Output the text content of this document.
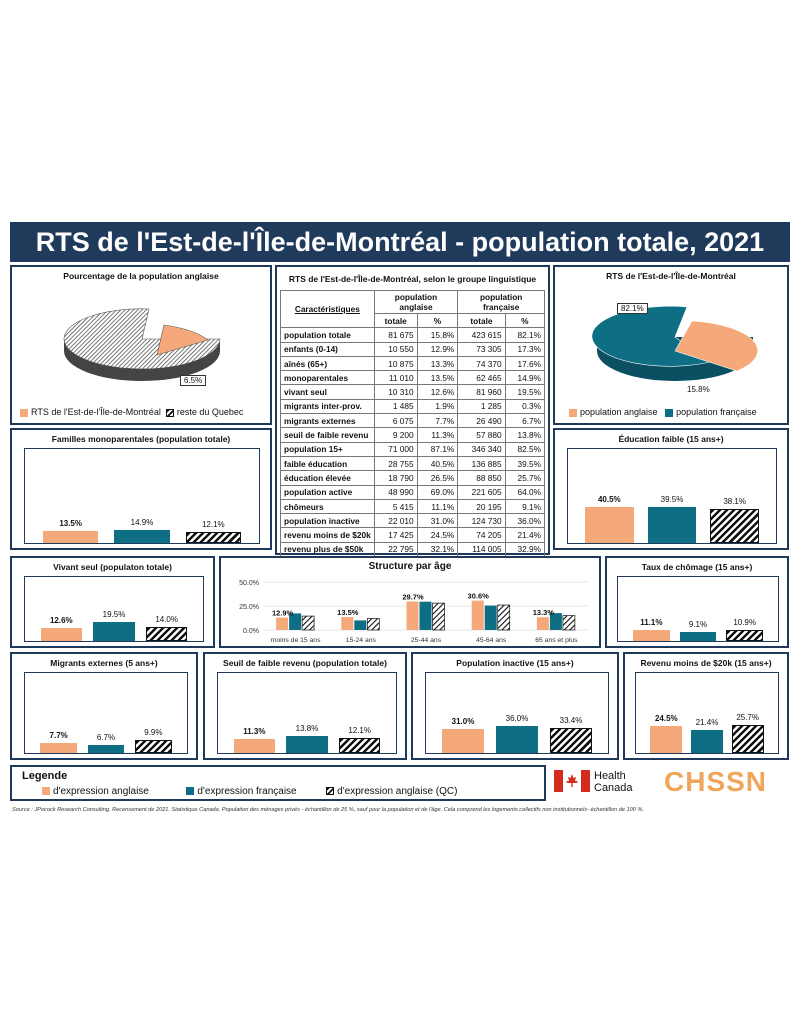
RTS de l'Est-de-l'Île-de-Montréal - population totale, 2021
Pourcentage de la population anglaise
6.5%
RTS de l'Est-de-l'Île-de-Montréal reste du Quebec
RTS de l'Est-de-l'Île-de-Montréal
82.1%
15.8%
population anglaise population française
RTS de l'Est-de-l'Île-de-Montréal, selon le groupe linguistique
Caractéristiques	population anglaise		population française	
	totale	%	totale	%
population totale	81 675	15.8%	423 615	82.1%
enfants (0-14)	10 550	12.9%	73 305	17.3%
aînés (65+)	10 875	13.3%	74 370	17.6%
monoparentales	11 010	13.5%	62 465	14.9%
vivant seul	10 310	12.6%	81 960	19.5%
migrants inter-prov.	1 485	1.9%	1 285	0.3%
migrants externes	6 075	7.7%	26 490	6.7%
seuil de faible revenu	9 200	11.3%	57 880	13.8%
population 15+	71 000	87.1%	346 340	82.5%
faible éducation	28 755	40.5%	136 885	39.5%
éducation élevée	18 790	26.5%	88 850	25.7%
population active	48 990	69.0%	221 605	64.0%
chômeurs	5 415	11.1%	20 195	9.1%
population inactive	22 010	31.0%	124 730	36.0%
revenu moins de $20k	17 425	24.5%	74 205	21.4%
revenu plus de $50k	22 795	32.1%	114 005	32.9%
Familles monoparentales (population totale)
13.5%	14.9%	12.1%
Éducation faible (15 ans+)
40.5%	39.5%	38.1%
Vivant seul (populaton totale)
12.6%
19.5%
14.0%
Structure par âge
50.0%
25.0%
0.0%
12.9%
moins de 15 ans
13.5%
15-24 ans
29.7%
25-44 ans
30.6%
45-64 ans
13.3%
65 ans et plus
Taux de chômage (15 ans+)
11.1%	9.1%	10.9%
Migrants externes (5 ans+)
7.7%	6.7%	9.9%
Seuil de faible revenu (population totale)
11.3%	13.8%	12.1%
Population inactive (15 ans+)
31.0%	36.0%	33.4%
Revenu moins de $20k (15 ans+)
24.5%	21.4%
25.7%
Legende
d'expression anglaise	d'expression française	d'expression anglaise (QC)
Health
Canada CHSSN
Source : JPocock Research Consulting. Recensement de 2021. Statistique Canada. Population des ménages privés - échantillon de 25 %, sauf pour la population et de l'âge. Cela comprend les logements collectifs non institutionnels- échantillon de 100 %.
